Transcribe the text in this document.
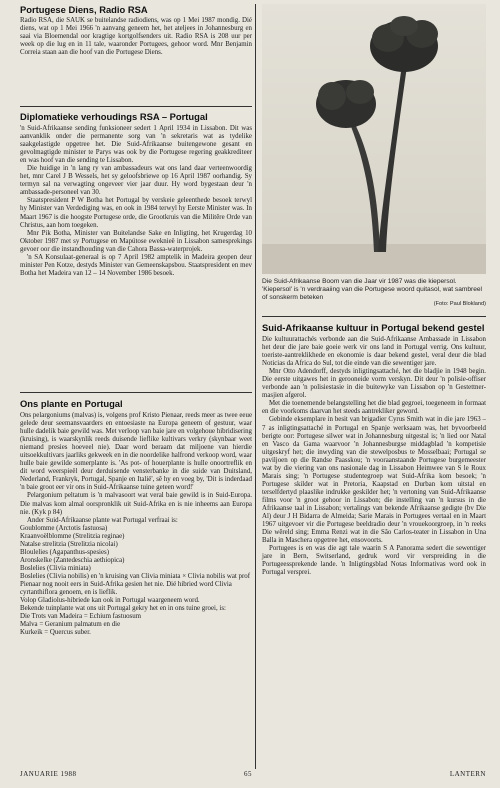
Portugese Diens, Radio RSA

Radio RSA, die SAUK se buitelandse radiodiens, was op 1 Mei 1987 mondig. Dié diens, wat op 1 Mei 1966 'n aanvang geneem het, het ateljees in Johannesburg en saai via Bloemendal oor kragtige kortgolfsenders uit. Radio RSA is 208 uur per week op die lug en in 11 tale, waaronder Portugees, gehoor word. Mnr Benjamin Correia staan aan die hoof van die Portugese Diens.

Diplomatieke verhoudings RSA – Portugal

'n Suid-Afrikaanse sending funksioneer sedert 1 April 1934 in Lissabon. Dit was aanvanklik onder die permanente sorg van 'n sekretaris wat as tydelike saakgelastigde opgetree het. Die Suid-Afrikaanse buitengewone gesant en gevolmagtigde minister te Parys was ook by die Portugese regering geakkrediteer en was hoof van die sending te Lissabon.

Die huidige in 'n lang ry van ambassadeurs wat ons land daar verteenwoordig het, mnr Carel J B Wessels, het sy geloofsbriewe op 16 April 1987 oorhandig. Sy termyn sal na verwagting ongeveer vier jaar duur. Hy word bygestaan deur 'n ambassade-personeel van 30.

Staatspresident P W Botha het Portugal by verskeie geleenthede besoek terwyl hy Minister van Verdediging was, en ook in 1984 terwyl hy Eerste Minister was. In Maart 1967 is die hoogste Portugese orde, die Grootkruis van die Militêre Orde van Christus, aan hom toegeken.

Mnr Pik Botha, Minister van Buitelandse Sake en Inligting, het Krugerdag 10 Oktober 1987 met sy Portugese en Mapútose eweknieë in Lissabon samesprekings gevoer oor die instandhouding van die Cahora Bassa-waterprojek.

'n SA Konsulaat-generaal is op 7 April 1982 amptelik in Madeira geopen deur minister Pen Kotze, destyds Minister van Gemeenskapsbou. Staatspresident en mev Botha het Madeira van 12 – 14 November 1986 besoek.

Ons plante en Portugal

Ons pelargoniums (malvas) is, volgens prof Kristo Pienaar, reeds meer as twee eeue gelede deur seemansvaarders en entoesiaste na Europa geneem of gestuur, waar hulle dadelik baie gewild was. Met verloop van baie jare en volgehoue hibridisering (kruising), is waarskynlik reeds duisende lieflike kultivars verkry (skynbaar weet niemand presies hoeveel nie). Daar word beraam dat miljoene van hierdie uitsoekkultivars jaarliks gekweek en in die noordelike halfrond verkoop word, waar hulle baie gewilde somerplante is. 'As pot- of houerplante is hulle onoortreflik en dit word weerspieël deur derduisende vensterbanke in die suide van Duitsland, Nederland, Frankryk, Portugal, Spanje en Italië', sê hy en voeg by, 'Dit is inderdaad 'n baie groot eer vir ons in Suid-Afrikaanse tuine geteen word!'

Pelargonium peltatum is 'n malvasoort wat veral baie gewild is in Suid-Europa. Die malvas kom almal oorspronklik uit Suid-Afrika en is nie inheems aan Europa nie. (Kyk p 84)

Ander Suid-Afrikaanse plante wat Portugal verfraai is:

Goublomme (Arctotis fastuosa)

Kraanvoëlblomme (Strelitzia reginae)

Natalse strelitzia (Strelitzia nicolai)

Bloulelies (Agapanthus-spesies)

Aronskelke (Zantedeschia aethiopica)

Boslelies (Clivia miniata)

Boslelies (Clivia nobilis) en 'n kruising van Clivia miniata × Clivia nobilis wat prof Pienaar nog nooit eers in Suid-Afrika gesien het nie. Dié hibried word Clivia cyrtanthiflora genoem, en is lieflik.

Volop Gladiolus-hibriede kan ook in Portugal waargeneem word.

Bekende tuinplante wat ons uit Portugal gekry het en in ons tuine groei, is:

Die Trots van Madeira = Echium fastuosum

Malva = Geranium palmatum en die

Kurkeik = Quercus suber.

Die Suid-Afrikaanse Boom van die Jaar vir 1987 was die kiepersol. 'Kiepersol' is 'n verdraaiing van die Portugese woord quitasol, wat sambreel of sonskerm beteken
(Foto: Paul Blokland)
Suid-Afrikaanse kultuur in Portugal bekend gestel

Die kultuurattachés verbonde aan die Suid-Afrikaanse Ambassade in Lissabon het deur die jare baie goeie werk vir ons land in Portugal verrig. Ons kultuur, toeriste-aantreklikhede en ekonomie is daar bekend gestel, veral deur die blad Noticias da Africa do Sul, tot die einde van die sewentiger jare.

Mnr Otto Adendorff, destyds inligtingsattaché, het die bladjie in 1948 begin. Die eerste uitgawes het in gerooneide vorm verskyn. Dit deur 'n polisie-offiser verbonde aan 'n polisiestasie in die buitewyke van Lissabon op 'n Gestettner-masjien afgerol.

Met die toenemende belangstelling het die blad gegroei, toegeneem in formaat en die voorkoms daarvan het steeds aantrekliker geword.

Gebinde eksemplare in besit van brigadier Cyrus Smith wat in die jare 1963 – 7 as inligtingsattaché in Portugal en Spanje werksaam was, het byvoorbeeld berigte oor: Portugese silwer wat in Johannesburg uitgestal is; 'n lied oor Natal en Vasco da Gama waarvoor 'n Johannesburgse middagblad 'n kompetisie uitgeskryf het; die inwyding van die stewelposbus te Mosselbaai; Portugal se paviljoen op die Randse Paasskou; 'n vooraanstaande Portugese burgemeester wat by die viering van ons nasionale dag in Lissabon Heimwee van S le Roux Marais sing; 'n Portugese studentegroep wat Suid-Afrika kom besoek; 'n Portugese skilder wat in Pretoria, Kaapstad en Durban kom uitstal en terselfdertyd plaaslike indrukke geskilder het; 'n vertoning van Suid-Afrikaanse films voor 'n groot gehoor in Lissabon; die instelling van 'n kursus in die Afrikaanse taal in Lissabon; vertalings van bekende Afrikaanse gedigte (bv Die Al) deur J H Bidarra de Almeida; Sarie Marais in Portugees vertaal en in Maart 1967 uitgevoer vir die Portugese beeldradio deur 'n vrouekoorgroep, in 'n reeks Die wêreld sing; Emma Renzi wat in die São Carlos-teater in Lissabon in Una Balla in Maschera opgetree het, ensovoorts.

Portugees is en was die agt tale waarin S A Panorama sedert die sewentiger jare in Bern, Switserland, gedruk word vir verspreiding in die Portugeessprekende lande. 'n Inligtingsblad Notas Informativas word ook in Portugal versprei.

JANUARIE 1988	65	LANTERN
